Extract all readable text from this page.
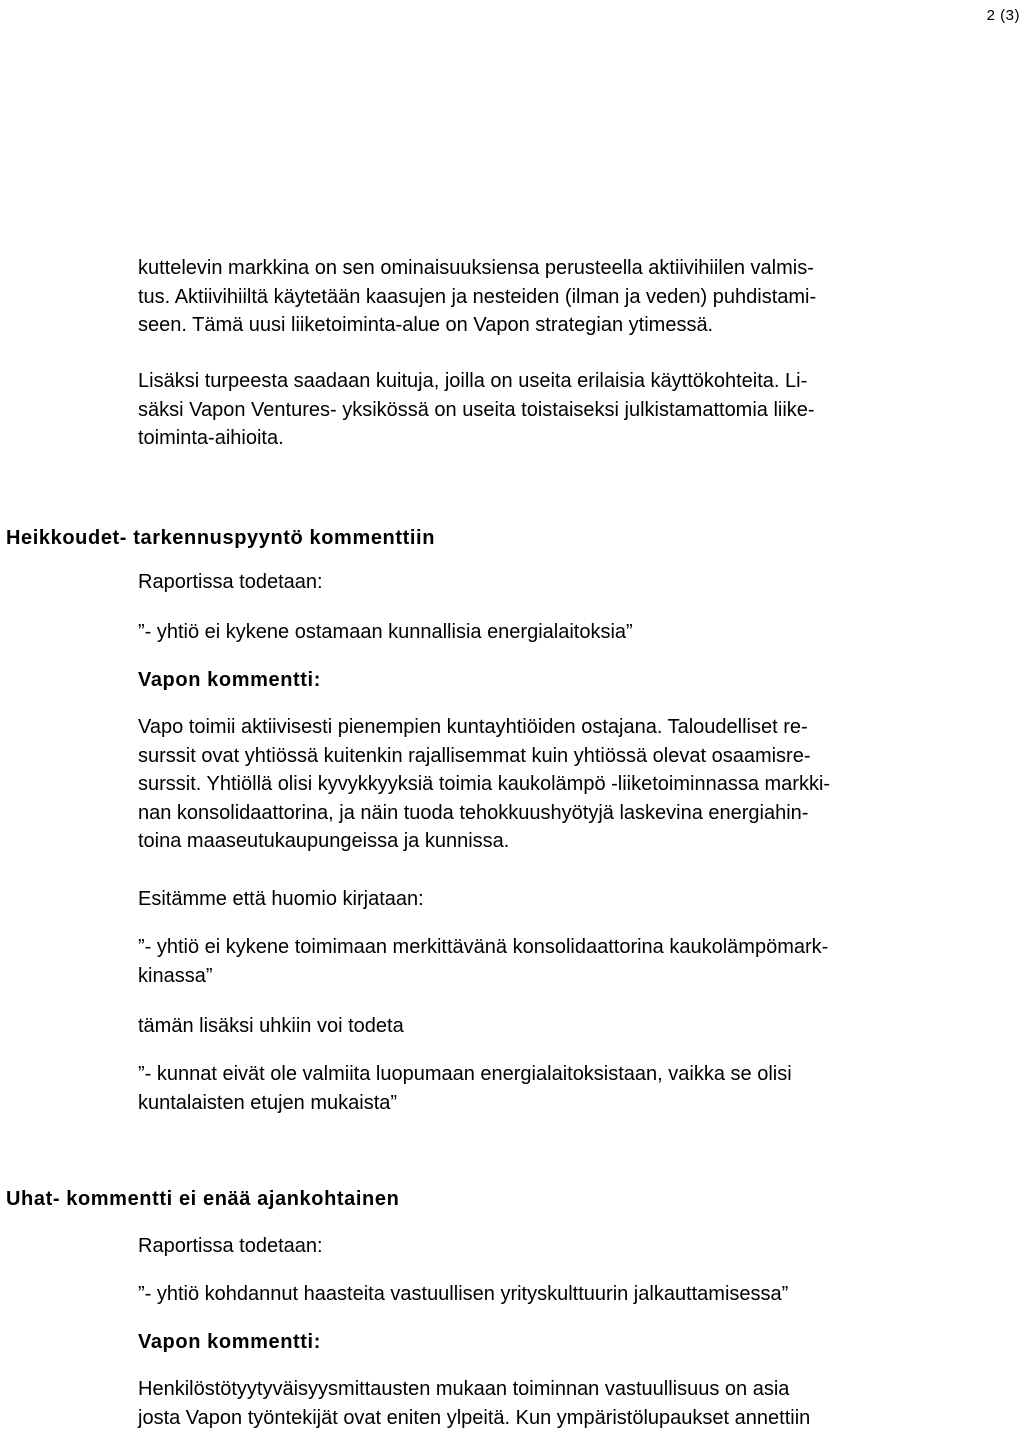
2 (3)

kuttelevin markkina on sen ominaisuuksiensa perusteella aktiivihiilen valmis-
tus. Aktiivihiiltä käytetään kaasujen ja nesteiden (ilman ja veden) puhdistami-
seen. Tämä uusi liiketoiminta-alue on Vapon strategian ytimessä.

Lisäksi turpeesta saadaan kuituja, joilla on useita erilaisia käyttökohteita. Li-
säksi Vapon Ventures- yksikössä on useita toistaiseksi julkistamattomia liike-
toiminta-aihioita.

Heikkoudet- tarkennuspyyntö kommenttiin

Raportissa todetaan:

”- yhtiö ei kykene ostamaan kunnallisia energialaitoksia”

Vapon kommentti:

Vapo toimii aktiivisesti pienempien kuntayhtiöiden ostajana. Taloudelliset re-
surssit ovat yhtiössä kuitenkin rajallisemmat kuin yhtiössä olevat osaamisre-
surssit. Yhtiöllä olisi kyvykkyyksiä toimia kaukolämpö -liiketoiminnassa markki-
nan konsolidaattorina, ja näin tuoda tehokkuushyötyjä laskevina energiahin-
toina maaseutukaupungeissa ja kunnissa.

Esitämme että huomio kirjataan:

”- yhtiö ei kykene toimimaan merkittävänä konsolidaattorina kaukolämpömark-
kinassa”

tämän lisäksi uhkiin voi todeta

”- kunnat eivät ole valmiita luopumaan energialaitoksistaan, vaikka se olisi
kuntalaisten etujen mukaista”

Uhat- kommentti ei enää ajankohtainen

Raportissa todetaan:

”- yhtiö kohdannut haasteita vastuullisen yrityskulttuurin jalkauttamisessa”

Vapon kommentti:

Henkilöstötyytyväisyysmittausten mukaan toiminnan vastuullisuus on asia
josta Vapon työntekijät ovat eniten ylpeitä. Kun ympäristölupaukset annettiin
